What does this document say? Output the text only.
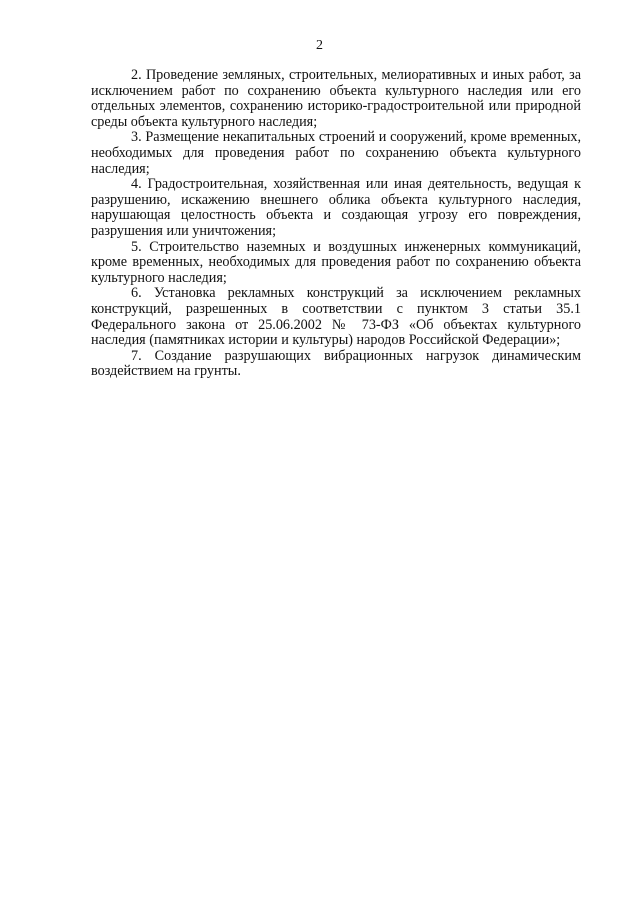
2

2. Проведение земляных, строительных, мелиоративных и иных работ, за исключением работ по сохранению объекта культурного наследия или его отдельных элементов, сохранению историко-градостроительной или природной среды объекта культурного наследия;

3. Размещение некапитальных строений и сооружений, кроме временных, необходимых для проведения работ по сохранению объекта культурного наследия;

4. Градостроительная, хозяйственная или иная деятельность, ведущая к разрушению, искажению внешнего облика объекта культурного наследия, нарушающая целостность объекта и создающая угрозу его повреждения, разрушения или уничтожения;

5. Строительство наземных и воздушных инженерных коммуникаций, кроме временных, необходимых для проведения работ по сохранению объекта культурного наследия;

6. Установка рекламных конструкций за исключением рекламных конструкций, разрешенных в соответствии с пунктом 3 статьи 35.1 Федерального закона от 25.06.2002 № 73-ФЗ «Об объектах культурного наследия (памятниках истории и культуры) народов Российской Федерации»;

7. Создание разрушающих вибрационных нагрузок динамическим воздействием на грунты.
